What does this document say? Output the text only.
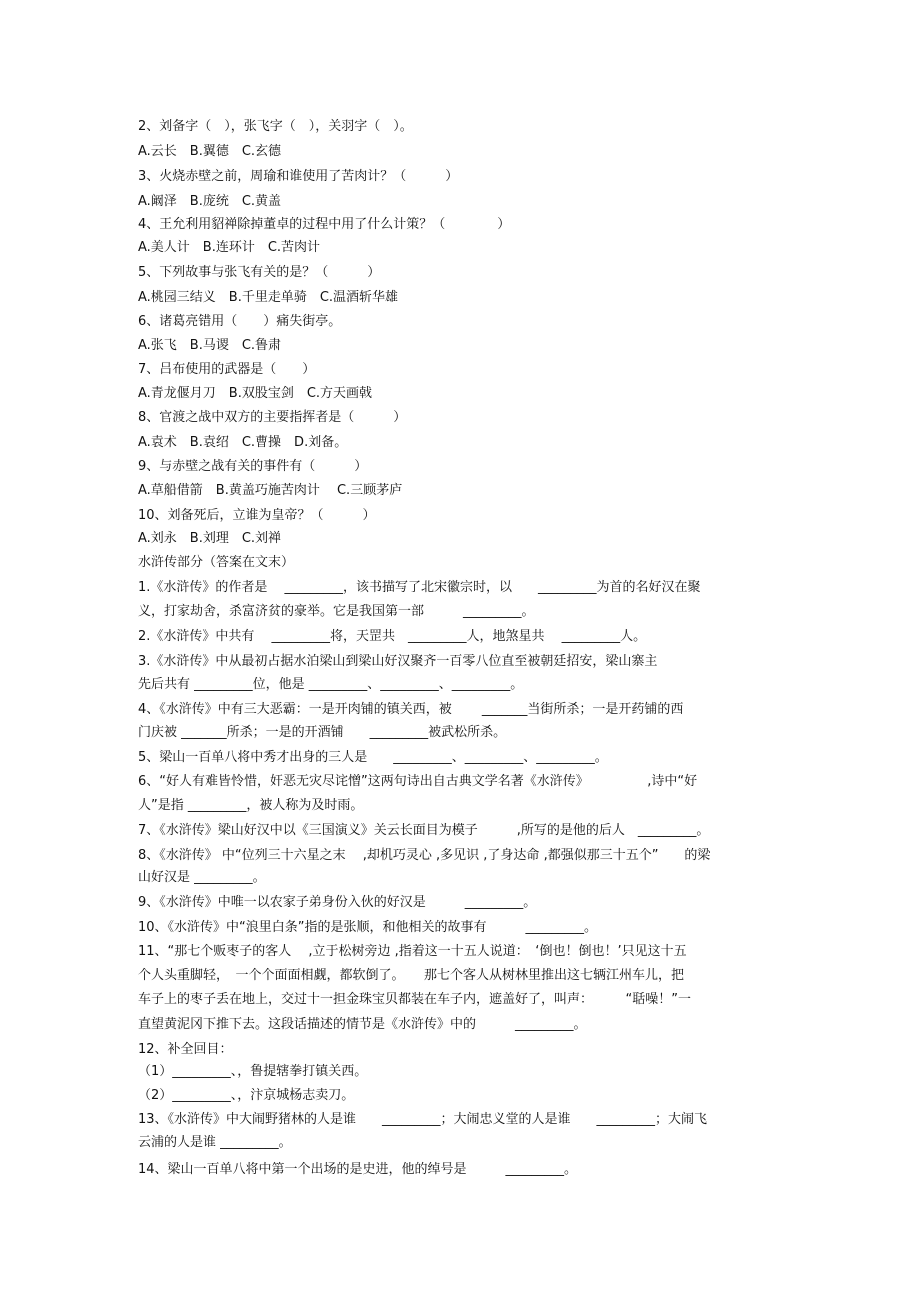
2、刘备字（　），张飞字（　），关羽字（　）。
A.云长　B.翼德　C.玄德
3、火烧赤壁之前，周瑜和谁使用了苦肉计？（　　　）
A.阚泽　B.庞统　C.黄盖
4、王允利用貂禅除掉董卓的过程中用了什么计策？（　　　　）
A.美人计　B.连环计　C.苦肉计
5、下列故事与张飞有关的是？（　　　）
A.桃园三结义　B.千里走单骑　C.温酒斩华雄
6、诸葛亮错用（　　）痛失街亭。
A.张飞　B.马谡　C.鲁肃
7、吕布使用的武器是（　　）
A.青龙偃月刀　B.双股宝剑　C.方天画戟
8、官渡之战中双方的主要指挥者是（　　　）
A.袁术　B.袁绍　C.曹操　D.刘备。
9、与赤壁之战有关的事件有（　　　）
A.草船借箭　B.黄盖巧施苦肉计　 C.三顾茅庐
10、刘备死后，立谁为皇帝？（　　　）
A.刘永　B.刘理　C.刘禅
水浒传部分（答案在文末）
1.《水浒传》的作者是　 _________，该书描写了北宋徽宗时，以　　_________为首的名好汉在聚
义，打家劫舍，杀富济贫的豪举。它是我国第一部　　　_________。
2.《水浒传》中共有　 _________将，天罡共　_________人，地煞星共　 _________人。
3.《水浒传》中从最初占据水泊梁山到梁山好汉聚齐一百零八位直至被朝廷招安，梁山寨主
先后共有 _________位，他是 _________、_________、_________。
4、《水浒传》中有三大恶霸：一是开肉铺的镇关西，被　　 _______当街所杀；一是开药铺的西
门庆被 _______所杀；一是的开酒铺　　_________被武松所杀。
5、梁山一百单八将中秀才出身的三人是　　_________、_________、_________。
6、“好人有难皆怜惜，奸恶无灾尽诧憎”这两句诗出自古典文学名著《水浒传》　　　　　,诗中“好
人”是指 _________，被人称为及时雨。
7、《水浒传》梁山好汉中以《三国演义》关云长面目为模子　　　,所写的是他的后人　_________。
8、《水浒传》 中“位列三十六星之末　 ,却机巧灵心 ,多见识 ,了身达命 ,都强似那三十五个”　　的梁
山好汉是 _________。
9、《水浒传》中唯一以农家子弟身份入伙的好汉是　　　_________。
10、《水浒传》中“浪里白条”指的是张顺，和他相关的故事有　　　_________。
11、“那七个贩枣子的客人　 ,立于松树旁边 ,指着这一十五人说道：　‘倒也！倒也！’只见这十五
个人头重脚轻，　一个个面面相觑，都软倒了。　　那七个客人从树林里推出这七辆江州车儿，把
车子上的枣子丢在地上，交过十一担金珠宝贝都装在车子内，遮盖好了，叫声：　　　“聒噪！”一
直望黄泥冈下推下去。这段话描述的情节是《水浒传》中的　　　_________。
12、补全回目：
（1）_________、，鲁提辖拳打镇关西。
（2）_________、，汴京城杨志卖刀。
13、《水浒传》中大闹野猪林的人是谁　　_________；大闹忠义堂的人是谁　　_________；大闹飞
云浦的人是谁 _________。
14、梁山一百单八将中第一个出场的是史进，他的绰号是　　　_________。
